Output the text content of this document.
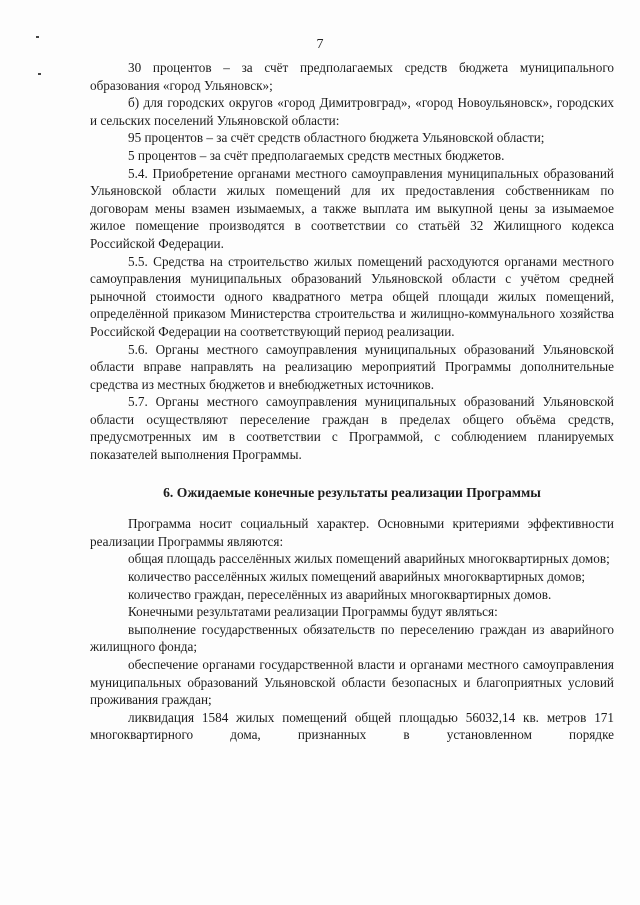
7

30 процентов – за счёт предполагаемых средств бюджета муниципального образования «город Ульяновск»;

б) для городских округов «город Димитровград», «город Новоульяновск», городских и сельских поселений Ульяновской области:

95 процентов – за счёт средств областного бюджета Ульяновской области;

5 процентов – за счёт предполагаемых средств местных бюджетов.

5.4. Приобретение органами местного самоуправления муниципальных образований Ульяновской области жилых помещений для их предоставления собственникам по договорам мены взамен изымаемых, а также выплата им выкупной цены за изымаемое жилое помещение производятся в соответствии со статьёй 32 Жилищного кодекса Российской Федерации.

5.5. Средства на строительство жилых помещений расходуются органами местного самоуправления муниципальных образований Ульяновской области с учётом средней рыночной стоимости одного квадратного метра общей площади жилых помещений, определённой приказом Министерства строительства и жилищно-коммунального хозяйства Российской Федерации на соответствующий период реализации.

5.6. Органы местного самоуправления муниципальных образований Ульяновской области вправе направлять на реализацию мероприятий Программы дополнительные средства из местных бюджетов и внебюджетных источников.

5.7. Органы местного самоуправления муниципальных образований Ульяновской области осуществляют переселение граждан в пределах общего объёма средств, предусмотренных им в соответствии с Программой, с соблюдением планируемых показателей выполнения Программы.

6. Ожидаемые конечные результаты реализации Программы

Программа носит социальный характер. Основными критериями эффективности реализации Программы являются:

общая площадь расселённых жилых помещений аварийных многоквартирных домов;

количество расселённых жилых помещений аварийных многоквартирных домов;

количество граждан, переселённых из аварийных многоквартирных домов.

Конечными результатами реализации Программы будут являться:

выполнение государственных обязательств по переселению граждан из аварийного жилищного фонда;

обеспечение органами государственной власти и органами местного самоуправления муниципальных образований Ульяновской области безопасных и благоприятных условий проживания граждан;

ликвидация 1584 жилых помещений общей площадью 56032,14 кв. метров 171 многоквартирного дома, признанных в установленном порядке
